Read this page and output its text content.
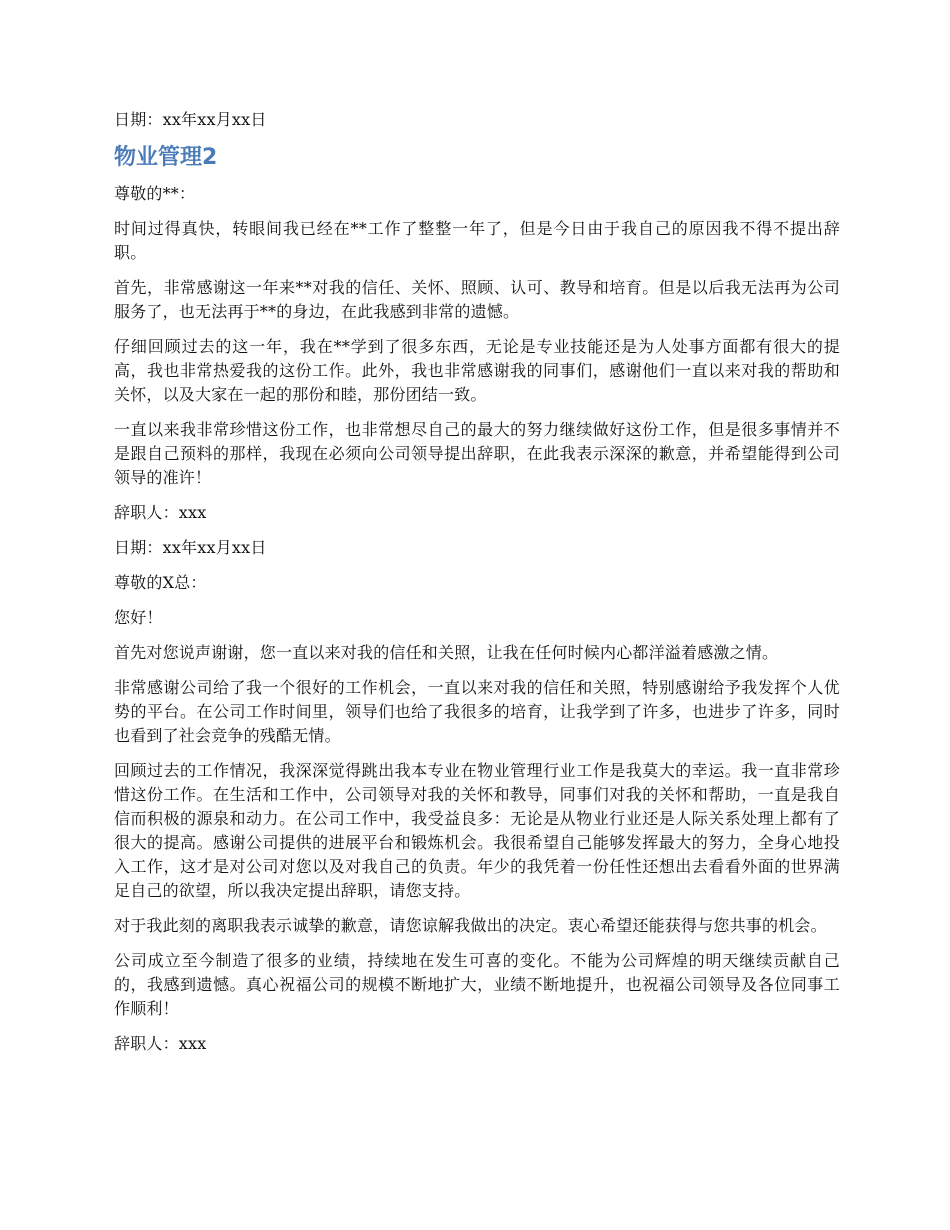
日期：xx年xx月xx日

物业管理2

尊敬的**：

时间过得真快，转眼间我已经在**工作了整整一年了，但是今日由于我自己的原因我不得不提出辞职。

首先，非常感谢这一年来**对我的信任、关怀、照顾、认可、教导和培育。但是以后我无法再为公司服务了，也无法再于**的身边，在此我感到非常的遗憾。

仔细回顾过去的这一年，我在**学到了很多东西，无论是专业技能还是为人处事方面都有很大的提高，我也非常热爱我的这份工作。此外，我也非常感谢我的同事们，感谢他们一直以来对我的帮助和关怀，以及大家在一起的那份和睦，那份团结一致。

一直以来我非常珍惜这份工作，也非常想尽自己的最大的努力继续做好这份工作，但是很多事情并不是跟自己预料的那样，我现在必须向公司领导提出辞职，在此我表示深深的歉意，并希望能得到公司领导的准许！

辞职人：xxx

日期：xx年xx月xx日

尊敬的X总：

您好！

首先对您说声谢谢，您一直以来对我的信任和关照，让我在任何时候内心都洋溢着感激之情。

非常感谢公司给了我一个很好的工作机会，一直以来对我的信任和关照，特别感谢给予我发挥个人优势的平台。在公司工作时间里，领导们也给了我很多的培育，让我学到了许多，也进步了许多，同时也看到了社会竞争的残酷无情。

回顾过去的工作情况，我深深觉得跳出我本专业在物业管理行业工作是我莫大的幸运。我一直非常珍惜这份工作。在生活和工作中，公司领导对我的关怀和教导，同事们对我的关怀和帮助，一直是我自信而积极的源泉和动力。在公司工作中，我受益良多：无论是从物业行业还是人际关系处理上都有了很大的提高。感谢公司提供的进展平台和锻炼机会。我很希望自己能够发挥最大的努力，全身心地投入工作，这才是对公司对您以及对我自己的负责。年少的我凭着一份任性还想出去看看外面的世界满足自己的欲望，所以我决定提出辞职，请您支持。

对于我此刻的离职我表示诚挚的歉意，请您谅解我做出的决定。衷心希望还能获得与您共事的机会。

公司成立至今制造了很多的业绩，持续地在发生可喜的变化。不能为公司辉煌的明天继续贡献自己的，我感到遗憾。真心祝福公司的规模不断地扩大，业绩不断地提升，也祝福公司领导及各位同事工作顺利！

辞职人：xxx
